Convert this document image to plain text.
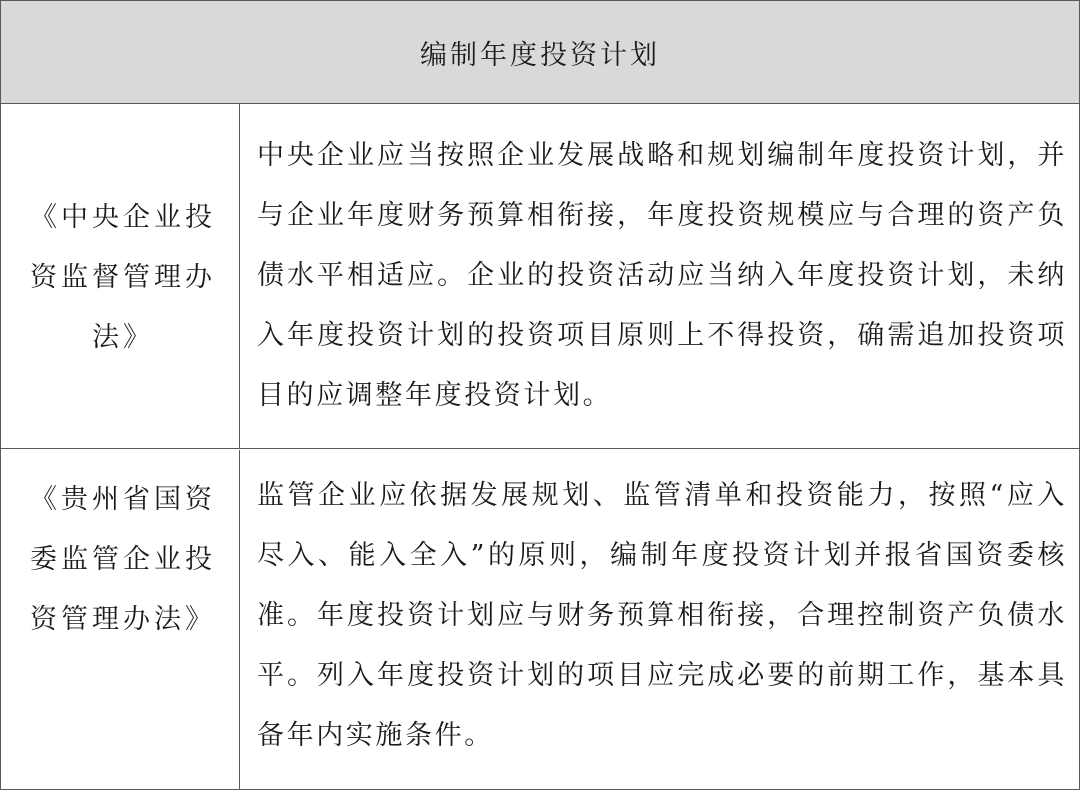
编制年度投资计划
《中央企业投资监督管理办法》
中央企业应当按照企业发展战略和规划编制年度投资计划，并与企业年度财务预算相衔接，年度投资规模应与合理的资产负债水平相适应。企业的投资活动应当纳入年度投资计划，未纳入年度投资计划的投资项目原则上不得投资，确需追加投资项目的应调整年度投资计划。
《贵州省国资委监管企业投资管理办法》
监管企业应依据发展规划、监管清单和投资能力，按照“应入尽入、能入全入”的原则，编制年度投资计划并报省国资委核准。年度投资计划应与财务预算相衔接，合理控制资产负债水平。列入年度投资计划的项目应完成必要的前期工作，基本具备年内实施条件。
